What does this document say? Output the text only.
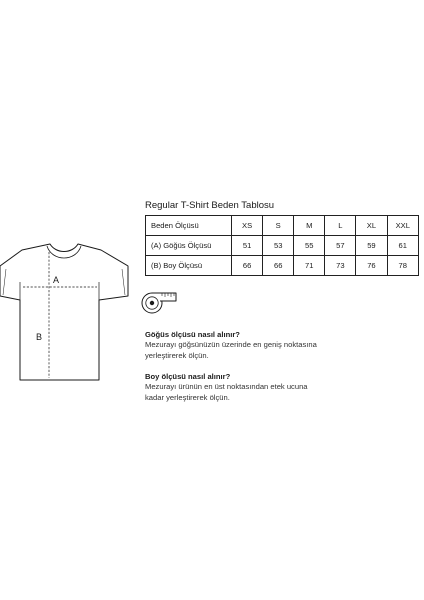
A
B
Regular T-Shirt Beden Tablosu
Beden Ölçüsü	XS	S	M	L	XL	XXL
(A) Göğüs Ölçüsü	51	53	55	57	59	61
(B) Boy Ölçüsü	66	66	71	73	76	78
Göğüs ölçüsü nasıl alınır?
Mezurayı göğsünüzün üzerinde en geniş noktasına
yerleştirerek ölçün.
Boy ölçüsü nasıl alınır?
Mezurayı ürünün en üst noktasından etek ucuna
kadar yerleştirerek ölçün.
